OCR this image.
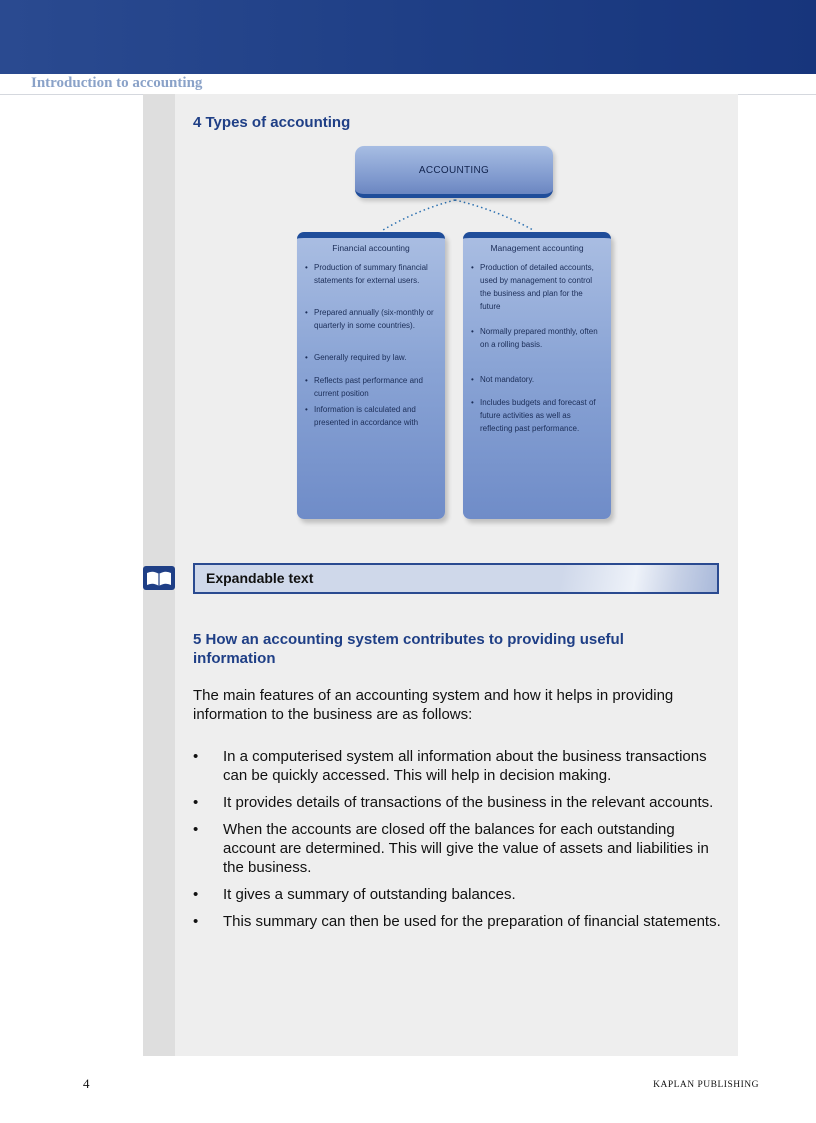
Introduction to accounting
4 Types of accounting
ACCOUNTING
Financial accounting
• Production of summary financial statements for external users.
• Prepared annually (six-monthly or quarterly in some countries).
• Generally required by law.
• Reflects past performance and current position
• Information is calculated and presented in accordance with
Management accounting
• Production of detailed accounts, used by management to control the business and plan for the future
• Normally prepared monthly, often on a rolling basis.
• Not mandatory.
• Includes budgets and forecast of future activities as well as reflecting past performance.
Expandable text
5 How an accounting system contributes to providing useful information
The main features of an accounting system and how it helps in providing information to the business are as follows:
• In a computerised system all information about the business transactions can be quickly accessed. This will help in decision making.
• It provides details of transactions of the business in the relevant accounts.
• When the accounts are closed off the balances for each outstanding account are determined. This will give the value of assets and liabilities in the business.
• It gives a summary of outstanding balances.
• This summary can then be used for the preparation of financial statements.
4	KAPLAN PUBLISHING
